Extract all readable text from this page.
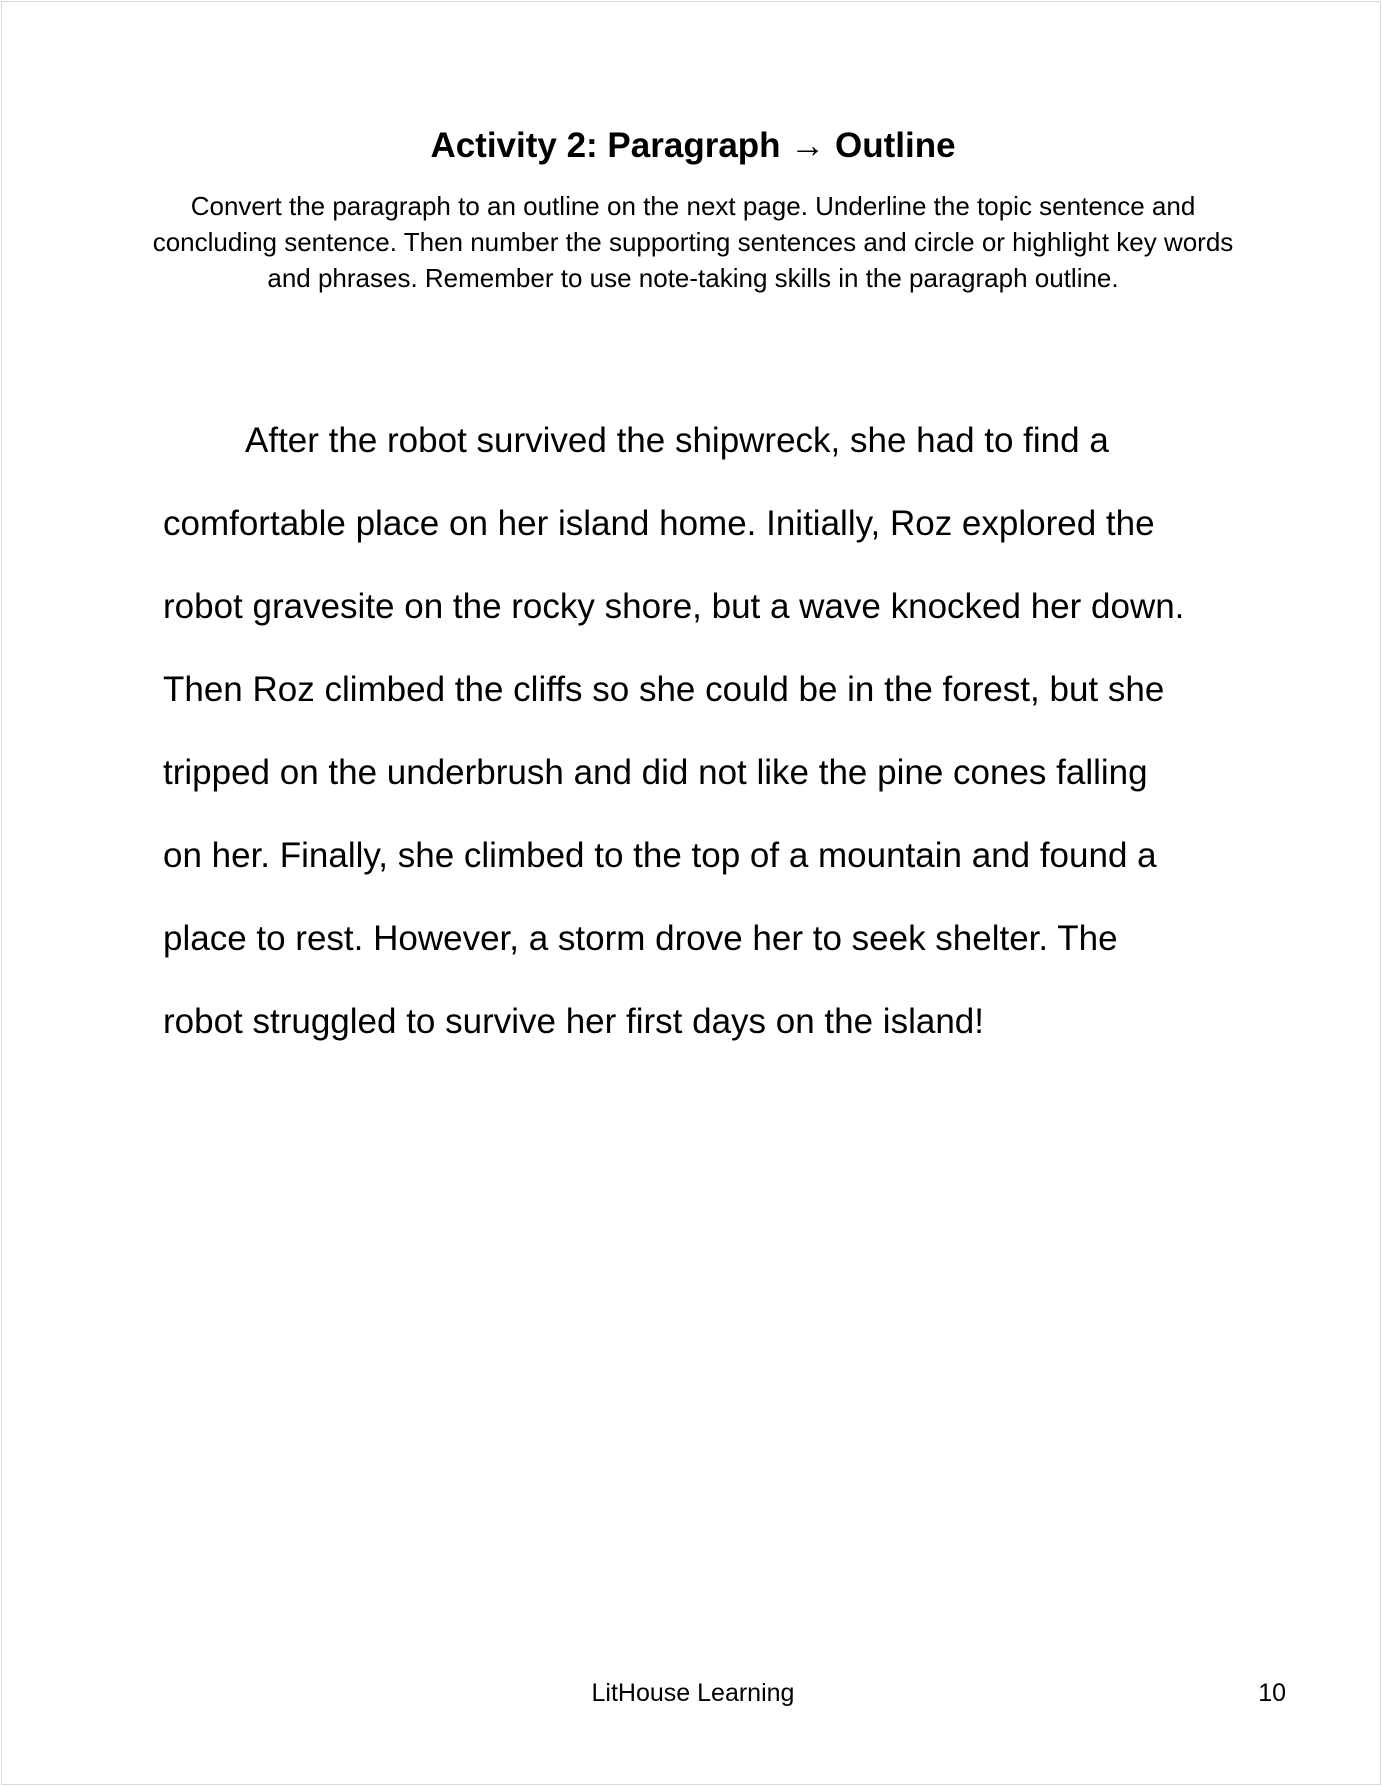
Activity 2: Paragraph → Outline

Convert the paragraph to an outline on the next page. Underline the topic sentence and concluding sentence. Then number the supporting sentences and circle or highlight key words and phrases. Remember to use note-taking skills in the paragraph outline.

After the robot survived the shipwreck, she had to find a
comfortable place on her island home. Initially, Roz explored the
robot gravesite on the rocky shore, but a wave knocked her down.
Then Roz climbed the cliffs so she could be in the forest, but she
tripped on the underbrush and did not like the pine cones falling
on her. Finally, she climbed to the top of a mountain and found a
place to rest. However, a storm drove her to seek shelter. The
robot struggled to survive her first days on the island!

LitHouse Learning	10
